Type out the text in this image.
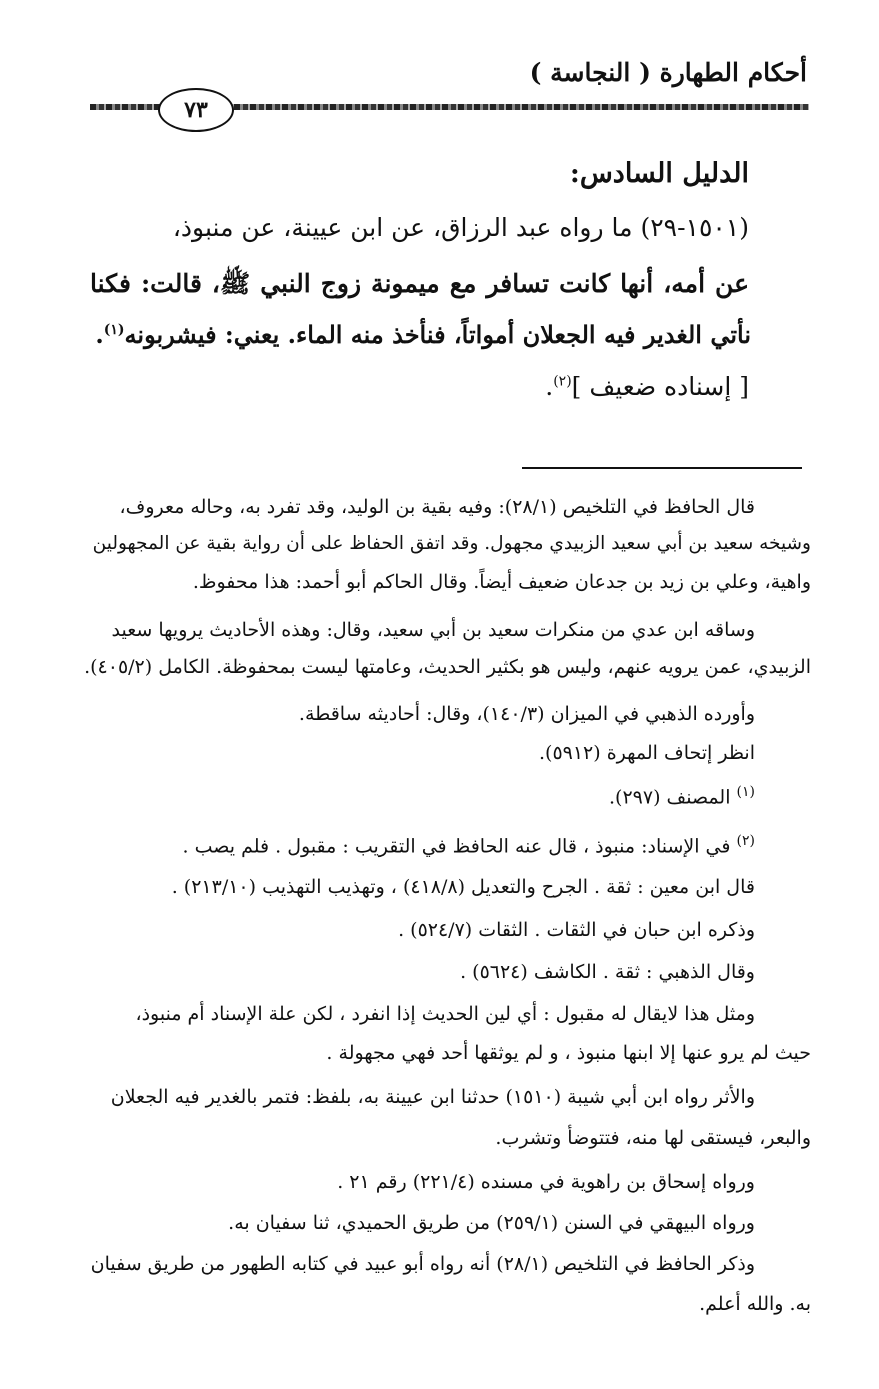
أحكام الطهارة ( النجاسة )
٧٣
الدليل السادس:
(١٥٠١-٢٩) ما رواه عبد الرزاق، عن ابن عيينة، عن منبوذ،
عن أمه، أنها كانت تسافر مع ميمونة زوج النبي ﷺ، قالت: فكنا
نأتي الغدير فيه الجعلان أمواتاً، فنأخذ منه الماء. يعني: فيشربونه$^{(١)}$.
[ إسناده ضعيف ]$^{(٢)}$.
قال الحافظ في التلخيص (٢٨/١): وفيه بقية بن الوليد، وقد تفرد به، وحاله معروف،
وشيخه سعيد بن أبي سعيد الزبيدي مجهول. وقد اتفق الحفاظ على أن رواية بقية عن المجهولين
واهية، وعلي بن زيد بن جدعان ضعيف أيضاً. وقال الحاكم أبو أحمد: هذا محفوظ.
وساقه ابن عدي من منكرات سعيد بن أبي سعيد، وقال: وهذه الأحاديث يرويها سعيد
الزبيدي، عمن يرويه عنهم، وليس هو بكثير الحديث، وعامتها ليست بمحفوظة. الكامل (٤٠٥/٢).
وأورده الذهبي في الميزان (١٤٠/٣)، وقال: أحاديثه ساقطة.
انظر إتحاف المهرة (٥٩١٢).
$^{(١)}$ المصنف (٢٩٧).
$^{(٢)}$ في الإسناد: منبوذ ، قال عنه الحافظ في التقريب : مقبول . فلم يصب .
قال ابن معين : ثقة . الجرح والتعديل (٤١٨/٨) ، وتهذيب التهذيب (٢١٣/١٠) .
وذكره ابن حبان في الثقات . الثقات (٥٢٤/٧) .
وقال الذهبي : ثقة . الكاشف (٥٦٢٤) .
ومثل هذا لايقال له مقبول : أي لين الحديث إذا انفرد ، لكن علة الإسناد أم منبوذ،
حيث لم يرو عنها إلا ابنها منبوذ ، و لم يوثقها أحد فهي مجهولة .
والأثر رواه ابن أبي شيبة (١٥١٠) حدثنا ابن عيينة به، بلفظ: فتمر بالغدير فيه الجعلان
والبعر، فيستقى لها منه، فتتوضأ وتشرب.
ورواه إسحاق بن راهوية في مسنده (٢٢١/٤) رقم ٢١ .
ورواه البيهقي في السنن (٢٥٩/١) من طريق الحميدي، ثنا سفيان به.
وذكر الحافظ في التلخيص (٢٨/١) أنه رواه أبو عبيد في كتابه الطهور من طريق سفيان
به. والله أعلم.
